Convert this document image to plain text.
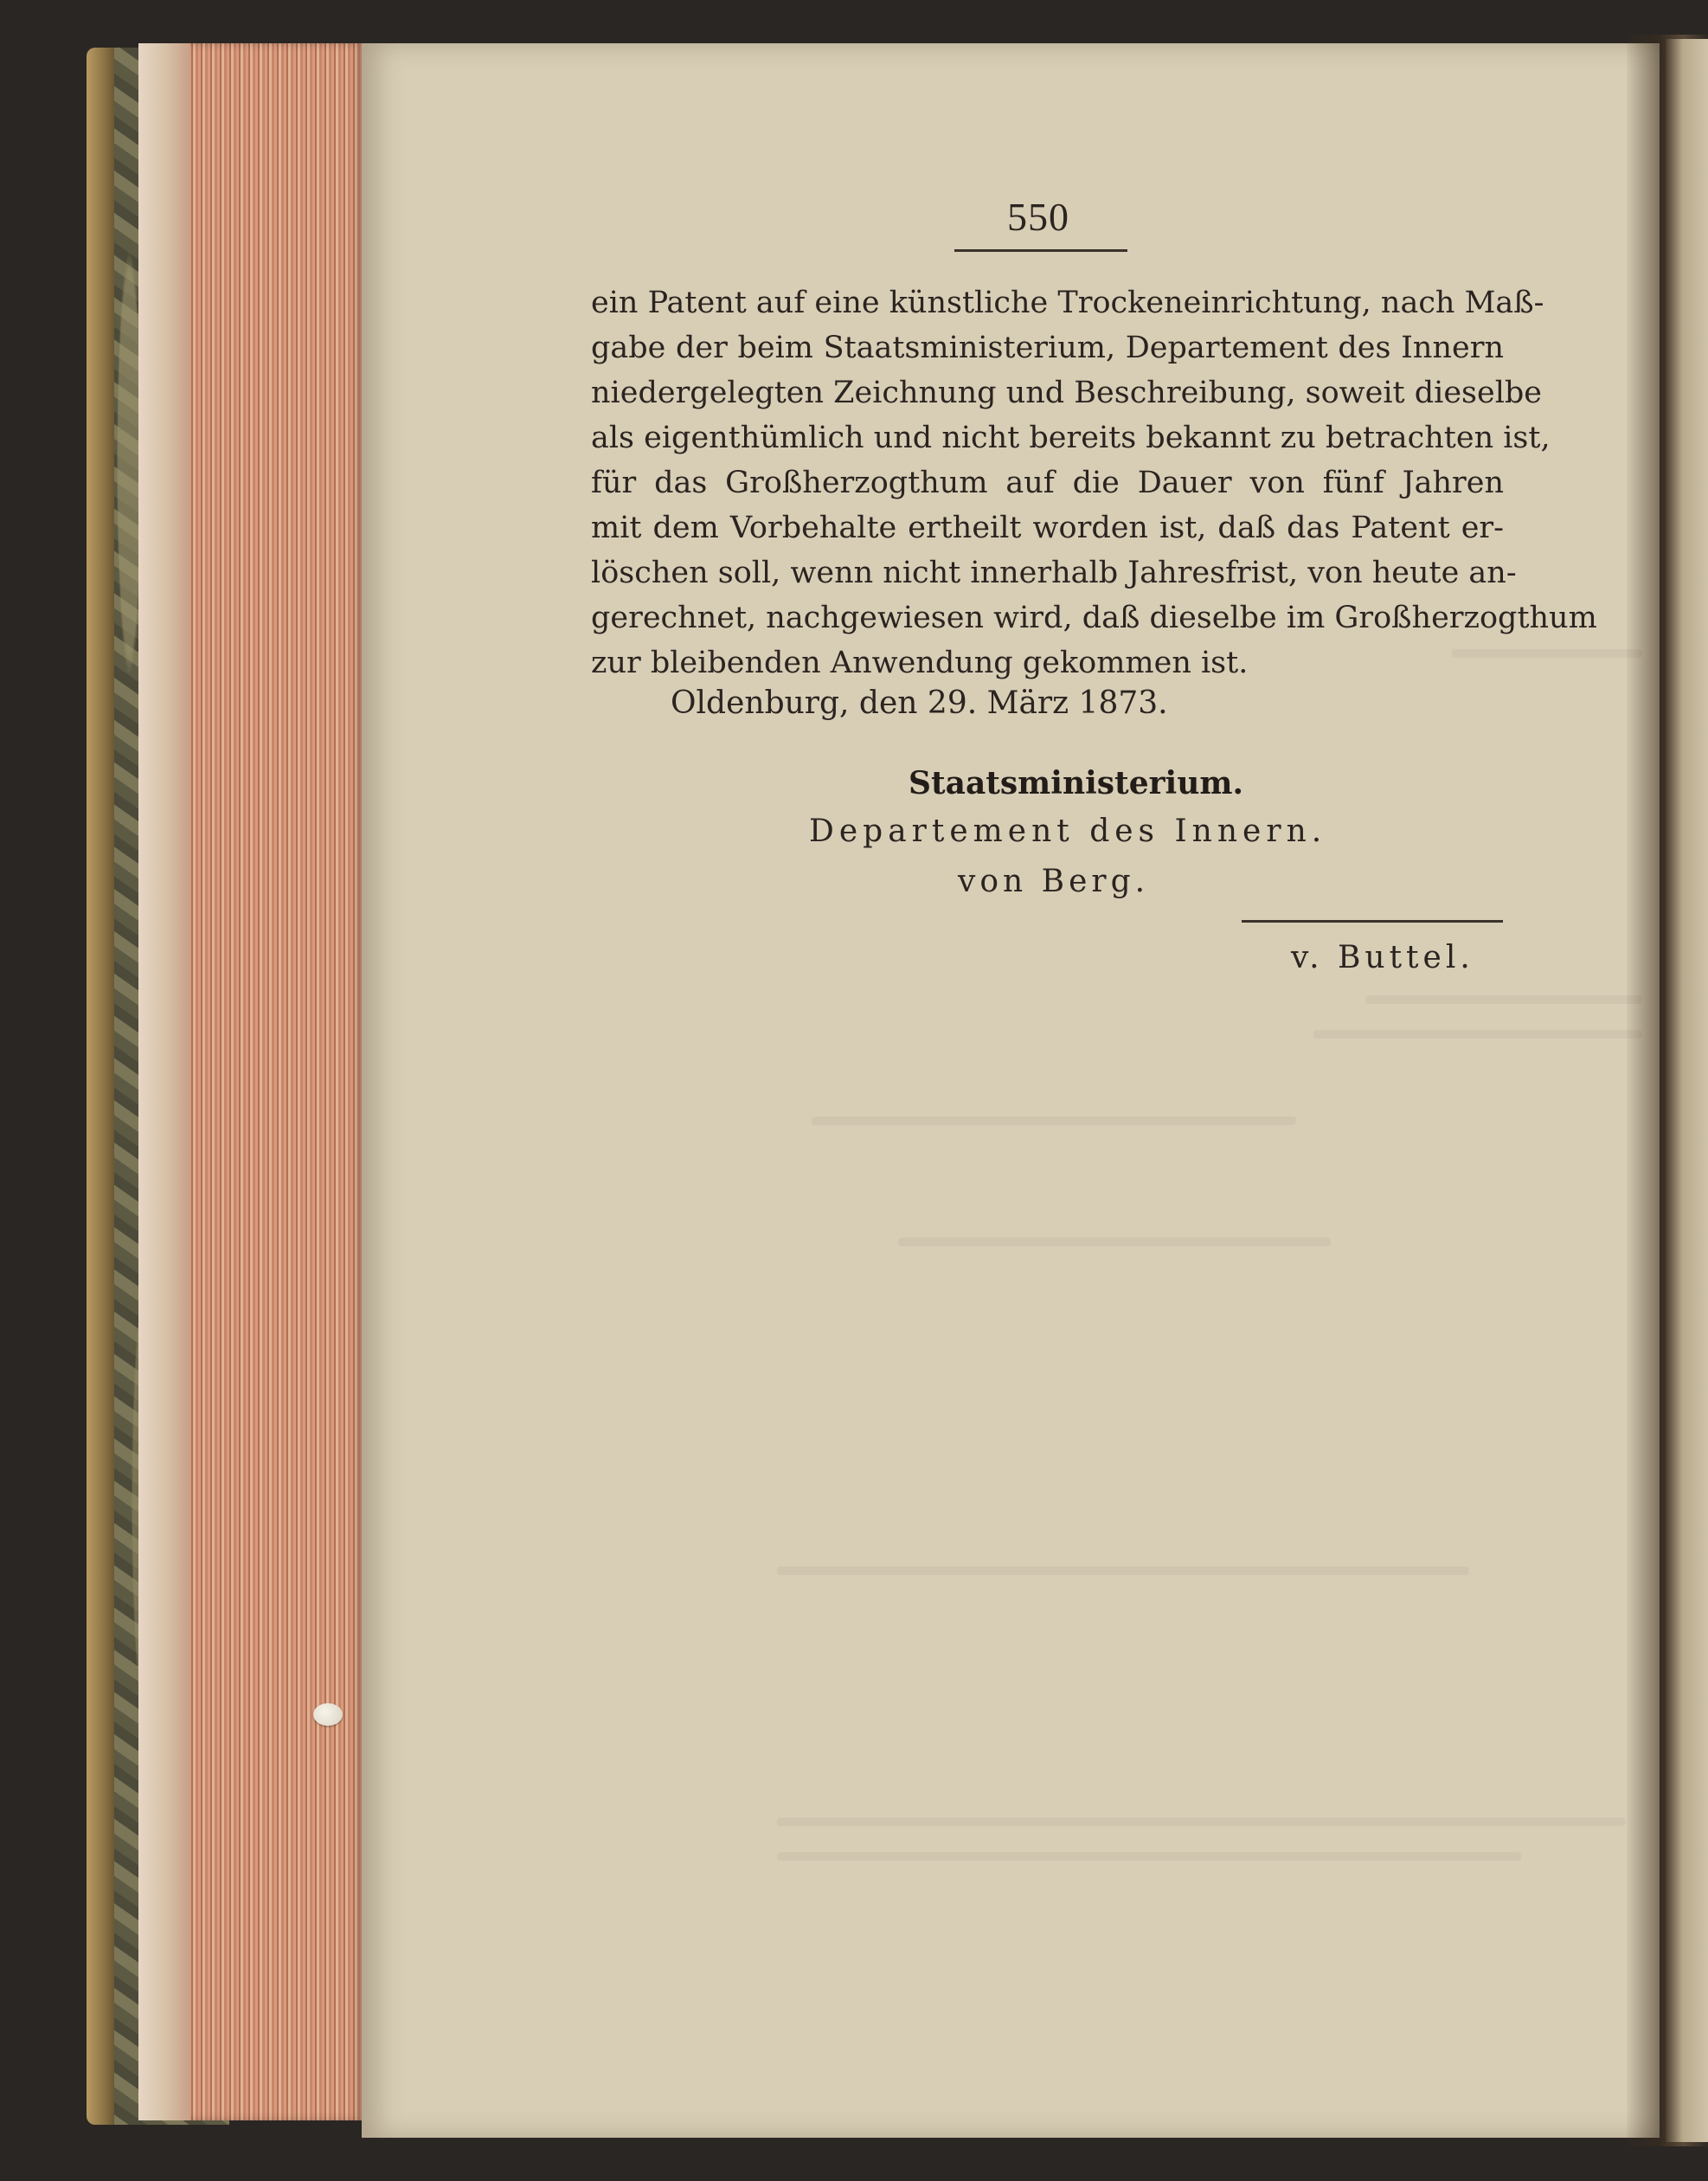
550
ein Patent auf eine künstliche Trockeneinrichtung, nach Maß-
gabe der beim Staatsministerium, Departement des Innern
niedergelegten Zeichnung und Beschreibung, soweit dieselbe
als eigenthümlich und nicht bereits bekannt zu betrachten ist,
für das Großherzogthum auf die Dauer von fünf Jahren
mit dem Vorbehalte ertheilt worden ist, daß das Patent er-
löschen soll, wenn nicht innerhalb Jahresfrist, von heute an-
gerechnet, nachgewiesen wird, daß dieselbe im Großherzogthum
zur bleibenden Anwendung gekommen ist.
Oldenburg, den 29. März 1873.
Staatsministerium.
Departement des Innern.
von Berg.
v. Buttel.
